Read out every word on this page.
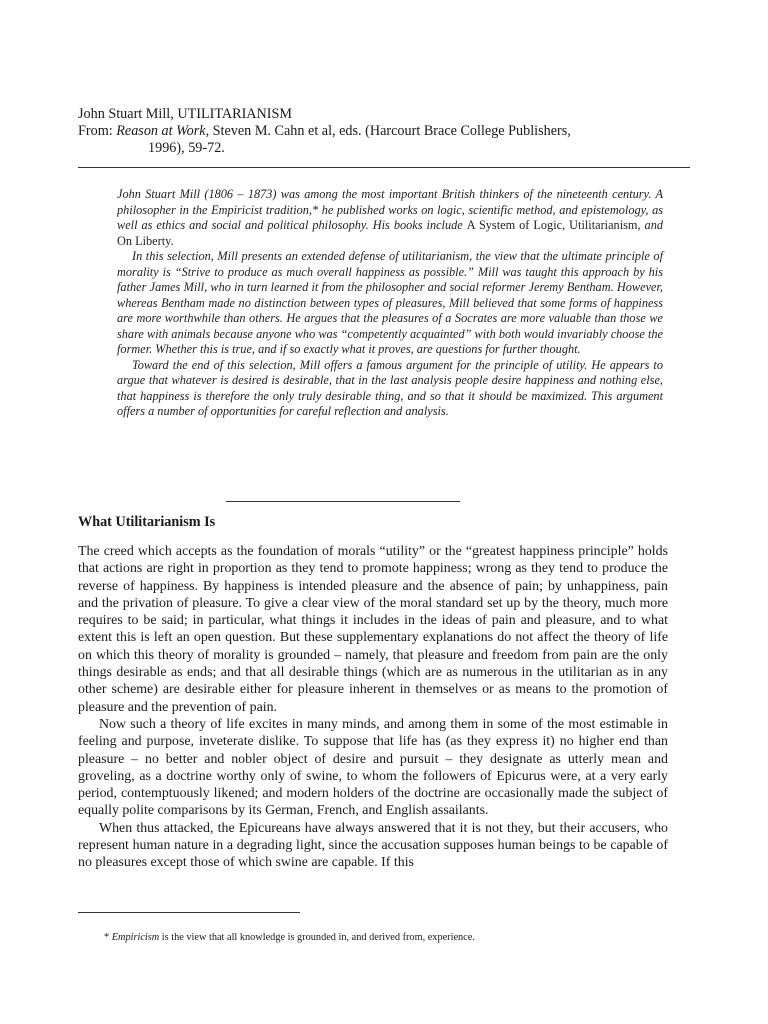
John Stuart Mill, UTILITARIANISM
From: Reason at Work, Steven M. Cahn et al, eds. (Harcourt Brace College Publishers,
1996), 59-72.

John Stuart Mill (1806 – 1873) was among the most important British thinkers of the nineteenth century. A philosopher in the Empiricist tradition,* he published works on logic, scientific method, and epistemology, as well as ethics and social and political philosophy. His books include A System of Logic, Utilitarianism, and On Liberty.

In this selection, Mill presents an extended defense of utilitarianism, the view that the ultimate principle of morality is “Strive to produce as much overall happiness as possible.” Mill was taught this approach by his father James Mill, who in turn learned it from the philosopher and social reformer Jeremy Bentham. However, whereas Bentham made no distinction between types of pleasures, Mill believed that some forms of happiness are more worthwhile than others. He argues that the pleasures of a Socrates are more valuable than those we share with animals because anyone who was “competently acquainted” with both would invariably choose the former. Whether this is true, and if so exactly what it proves, are questions for further thought.

Toward the end of this selection, Mill offers a famous argument for the principle of utility. He appears to argue that whatever is desired is desirable, that in the last analysis people desire happiness and nothing else, that happiness is therefore the only truly desirable thing, and so that it should be maximized. This argument offers a number of opportunities for careful reflection and analysis.

What Utilitarianism Is

The creed which accepts as the foundation of morals “utility” or the “greatest happiness principle” holds that actions are right in proportion as they tend to promote happiness; wrong as they tend to produce the reverse of happiness. By happiness is intended pleasure and the absence of pain; by unhappiness, pain and the privation of pleasure. To give a clear view of the moral standard set up by the theory, much more requires to be said; in particular, what things it includes in the ideas of pain and pleasure, and to what extent this is left an open question. But these supplementary explanations do not affect the theory of life on which this theory of morality is grounded – namely, that pleasure and freedom from pain are the only things desirable as ends; and that all desirable things (which are as numerous in the utilitarian as in any other scheme) are desirable either for pleasure inherent in themselves or as means to the promotion of pleasure and the prevention of pain.

Now such a theory of life excites in many minds, and among them in some of the most estimable in feeling and purpose, inveterate dislike. To suppose that life has (as they express it) no higher end than pleasure – no better and nobler object of desire and pursuit – they designate as utterly mean and groveling, as a doctrine worthy only of swine, to whom the followers of Epicurus were, at a very early period, contemptuously likened; and modern holders of the doctrine are occasionally made the subject of equally polite comparisons by its German, French, and English assailants.

When thus attacked, the Epicureans have always answered that it is not they, but their accusers, who represent human nature in a degrading light, since the accusation supposes human beings to be capable of no pleasures except those of which swine are capable. If this

* Empiricism is the view that all knowledge is grounded in, and derived from, experience.
